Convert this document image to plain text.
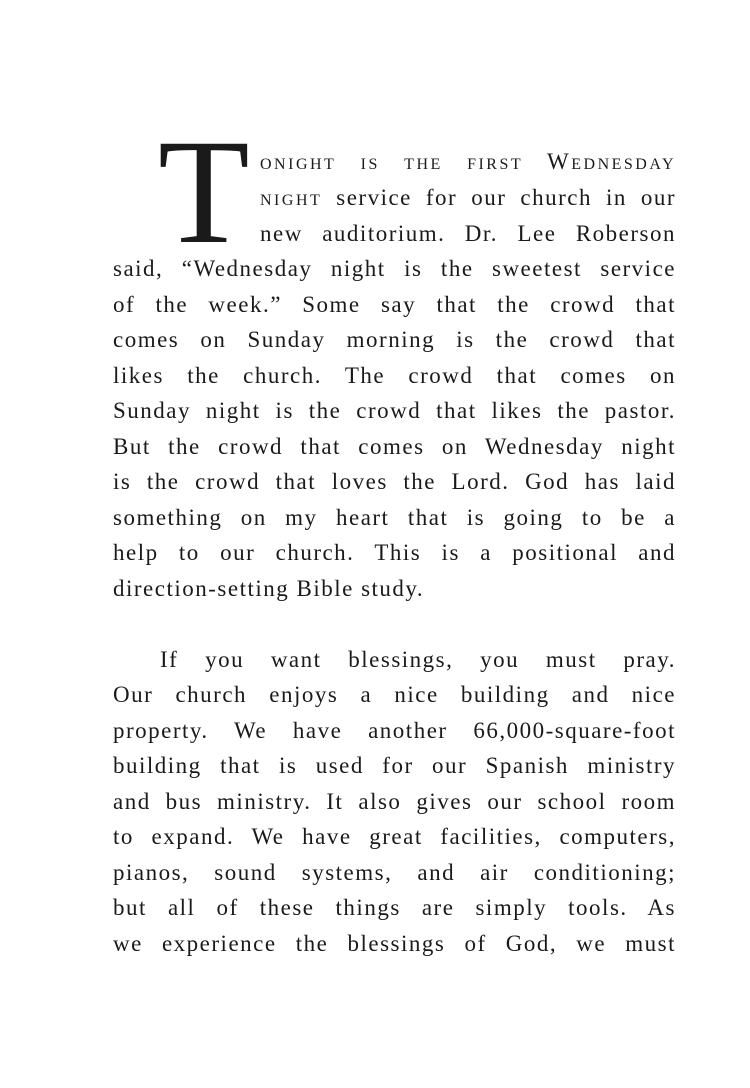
T onight is the first Wednesday
night service for our church in our
new auditorium. Dr. Lee Roberson
said, “Wednesday night is the sweetest service
of the week.” Some say that the crowd that
comes on Sunday morning is the crowd that
likes the church. The crowd that comes on
Sunday night is the crowd that likes the pastor.
But the crowd that comes on Wednesday night
is the crowd that loves the Lord. God has laid
something on my heart that is going to be a
help to our church. This is a positional and
direction-setting Bible study.
If you want blessings, you must pray.
Our church enjoys a nice building and nice
property. We have another 66,000-square-foot
building that is used for our Spanish ministry
and bus ministry. It also gives our school room
to expand. We have great facilities, computers,
pianos, sound systems, and air conditioning;
but all of these things are simply tools. As
we experience the blessings of God, we must
